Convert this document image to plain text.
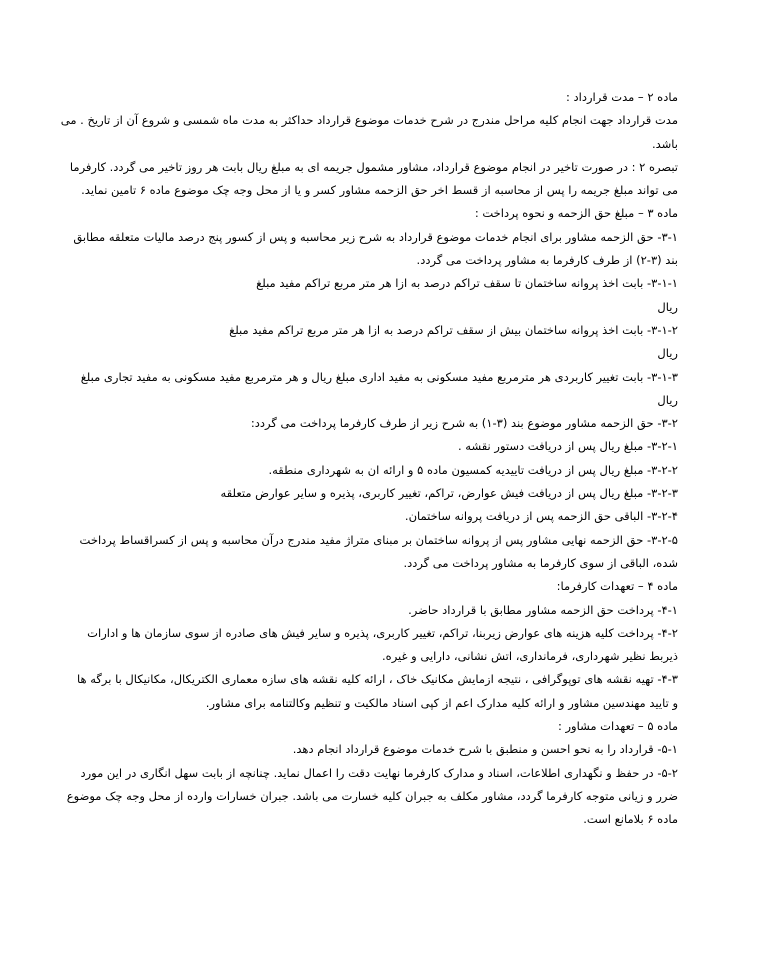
ماده ۲ – مدت قرارداد :
مدت قرارداد جهت انجام کلیه مراحل مندرج در شرح خدمات موضوع قرارداد حداکثر به مدت ماه شمسی و شروع آن از تاریخ . می
باشد.
تبصره ۲ : در صورت تاخیر در انجام موضوع قرارداد، مشاور مشمول جریمه ای به مبلغ ریال بابت هر روز تاخیر می گردد. کارفرما
می تواند مبلغ جریمه را پس از محاسبه از قسط اخر حق الزحمه مشاور کسر و یا از محل وجه چک موضوع ماده ۶ تامین نماید.
ماده ۳ – مبلغ حق الزحمه و نحوه پرداخت :
۳-۱- حق الزحمه مشاور برای انجام خدمات موضوع قرارداد به شرح زیر محاسبه و پس از کسور پنج درصد مالیات متعلقه مطابق
بند (۳-۲) از طرف کارفرما به مشاور پرداخت می گردد.
۳-۱-۱- بابت اخذ پروانه ساختمان تا سقف تراکم درصد به ازا هر متر مربع تراکم مفید مبلغ
ریال
۳-۱-۲- بابت اخذ پروانه ساختمان بیش از سقف تراکم درصد به ازا هر متر مربع تراکم مفید مبلغ
ریال
۳-۱-۳- بابت تغییر کاربردی هر مترمربع مفید مسکونی به مفید اداری مبلغ ریال و هر مترمربع مفید مسکونی به مفید تجاری مبلغ
ریال
۳-۲- حق الزحمه مشاور موضوع بند (۳-۱) به شرح زیر از طرف کارفرما پرداخت می گردد:
۳-۲-۱- مبلغ ریال پس از دریافت دستور نقشه .
۳-۲-۲- مبلغ ریال پس از دریافت تاییدیه کمسیون ماده ۵ و ارائه ان به شهرداری منطقه.
۳-۲-۳- مبلغ ریال پس از دریافت فیش عوارض، تراکم، تغییر کاربری، پذیره و سایر عوارض متعلقه
۳-۲-۴- الباقی حق الزحمه پس از دریافت پروانه ساختمان.
۳-۲-۵- حق الزحمه نهایی مشاور پس از پروانه ساختمان بر مبنای متراژ مفید مندرج درآن محاسبه و پس از کسراقساط پرداخت
شده، الباقی از سوی کارفرما به مشاور پرداخت می گردد.
ماده ۴ – تعهدات کارفرما:
۴-۱- پرداخت حق الزحمه مشاور مطابق با قرارداد حاضر.
۴-۲- پرداخت کلیه هزینه های عوارض زیربنا، تراکم، تغییر کاربری، پذیره و سایر فیش های صادره از سوی سازمان ها و ادارات
ذیربط نظیر شهرداری، فرمانداری، اتش نشانی، دارایی و غیره.
۴-۳- تهیه نقشه های توپوگرافی ، نتیجه ازمایش مکانیک خاک ، ارائه کلیه نقشه های سازه معماری الکتریکال، مکانیکال با برگه ها
و تایید مهندسین مشاور و ارائه کلیه مدارک اعم از کپی اسناد مالکیت و تنظیم وکالتنامه برای مشاور.
ماده ۵ – تعهدات مشاور :
۵-۱- قرارداد را به نحو احسن و منطبق با شرح خدمات موضوع قرارداد انجام دهد.
۵-۲- در حفظ و نگهداری اطلاعات، اسناد و مدارک کارفرما نهایت دقت را اعمال نماید. چنانچه از بابت سهل انگاری در این مورد
ضرر و زیانی متوجه کارفرما گردد، مشاور مکلف به جبران کلیه خسارت می باشد. جبران خسارات وارده از محل وجه چک موضوع
ماده ۶ بلامانع است.
